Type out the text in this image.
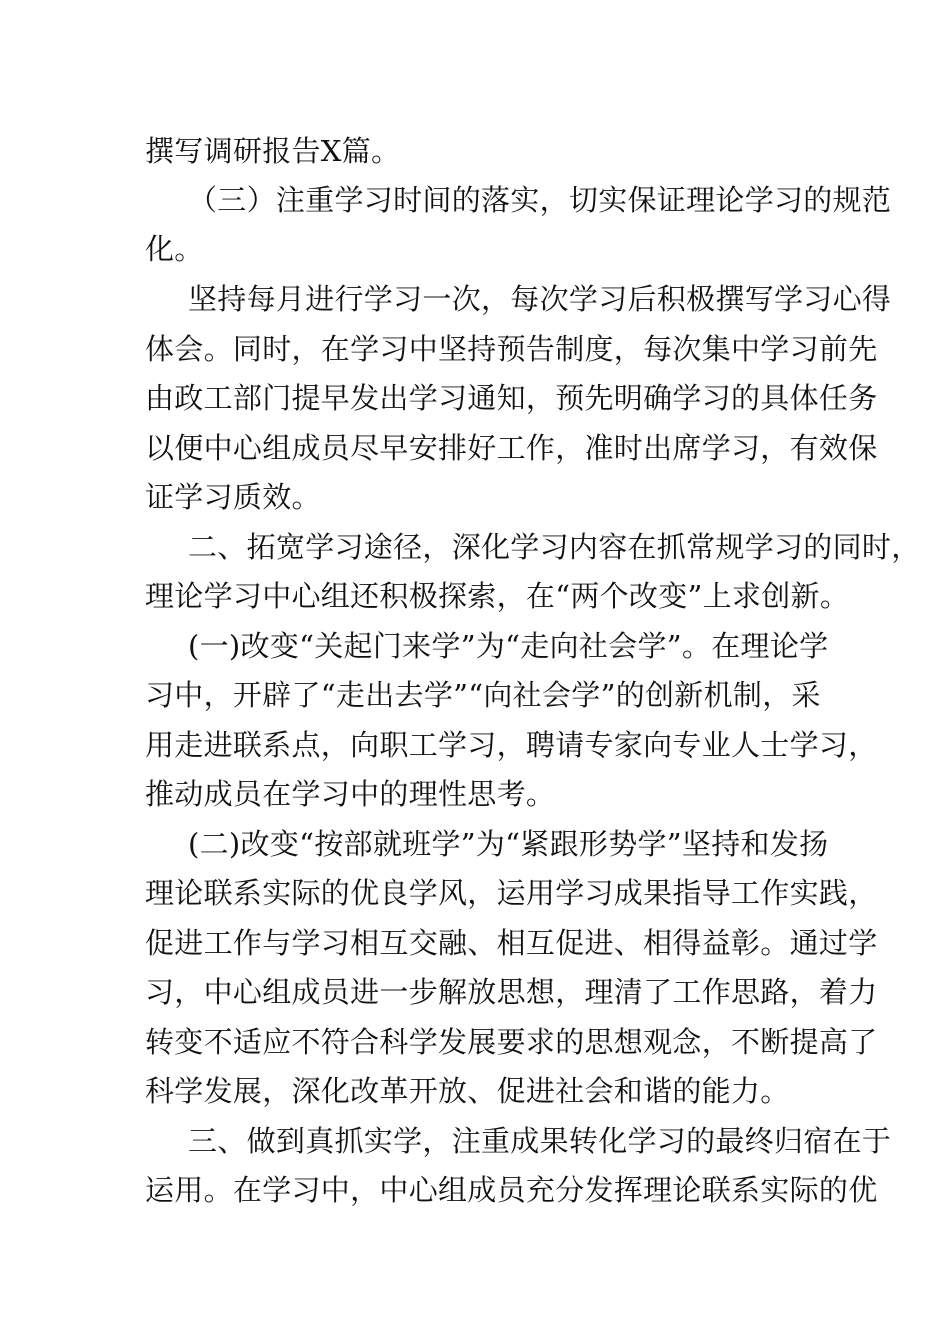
撰写调研报告X篇。

（三）注重学习时间的落实，切实保证理论学习的规范

化。

坚持每月进行学习一次，每次学习后积极撰写学习心得

体会。同时，在学习中坚持预告制度，每次集中学习前先

由政工部门提早发出学习通知，预先明确学习的具体任务

以便中心组成员尽早安排好工作，准时出席学习，有效保

证学习质效。

二、拓宽学习途径，深化学习内容在抓常规学习的同时，

理论学习中心组还积极探索，在“两个改变”上求创新。

(一)改变“关起门来学”为“走向社会学”。在理论学

习中，开辟了“走出去学”“向社会学”的创新机制，采

用走进联系点，向职工学习，聘请专家向专业人士学习，

推动成员在学习中的理性思考。

(二)改变“按部就班学”为“紧跟形势学”坚持和发扬

理论联系实际的优良学风，运用学习成果指导工作实践，

促进工作与学习相互交融、相互促进、相得益彰。通过学

习，中心组成员进一步解放思想，理清了工作思路，着力

转变不适应不符合科学发展要求的思想观念，不断提高了

科学发展，深化改革开放、促进社会和谐的能力。

三、做到真抓实学，注重成果转化学习的最终归宿在于

运用。在学习中，中心组成员充分发挥理论联系实际的优
